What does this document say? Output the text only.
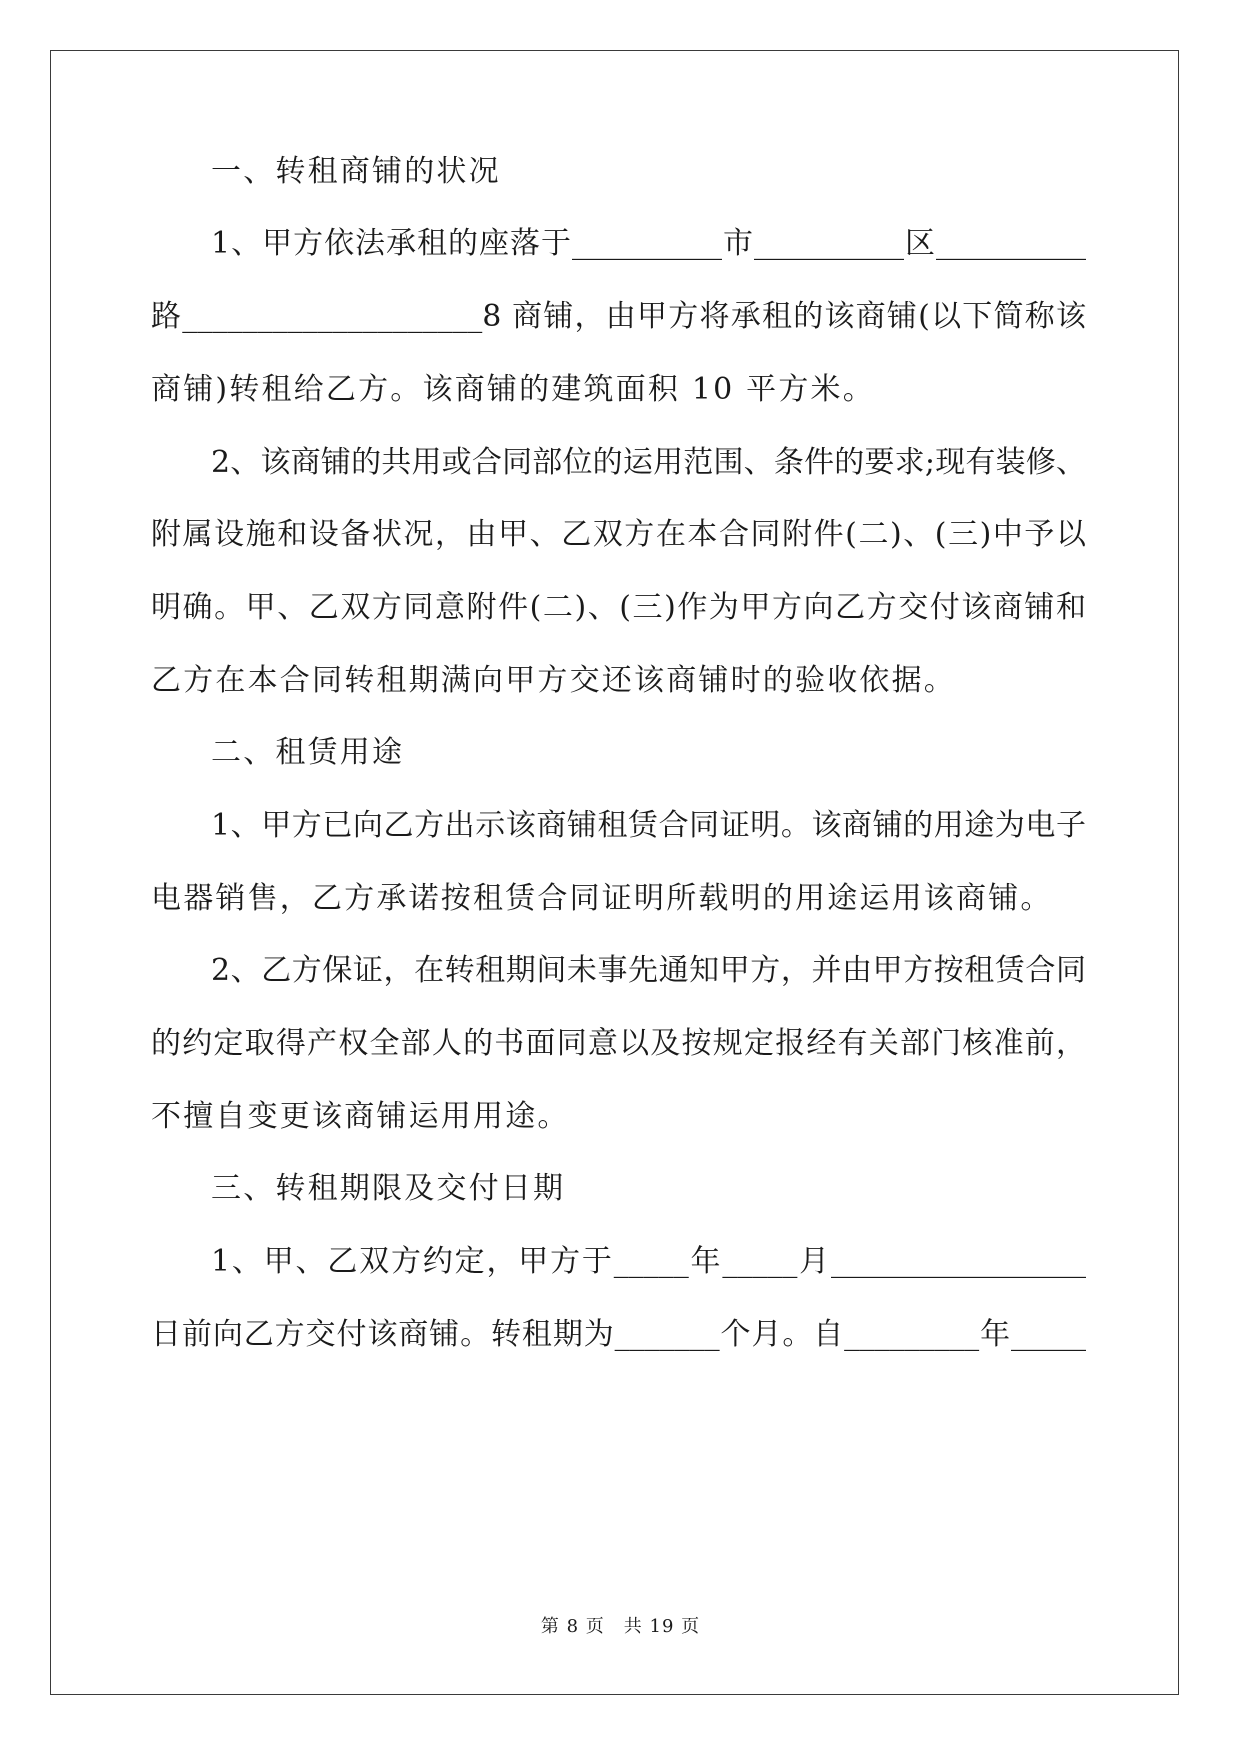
一、转租商铺的状况
1、甲方依法承租的座落于__________市__________区__________
路____________________8 商铺，由甲方将承租的该商铺(以下简称该
商铺)转租给乙方。该商铺的建筑面积 10 平方米。
2、该商铺的共用或合同部位的运用范围、条件的要求;现有装修、
附属设施和设备状况，由甲、乙双方在本合同附件(二)、(三)中予以
明确。甲、乙双方同意附件(二)、(三)作为甲方向乙方交付该商铺和
乙方在本合同转租期满向甲方交还该商铺时的验收依据。
二、租赁用途
1、甲方已向乙方出示该商铺租赁合同证明。该商铺的用途为电子
电器销售，乙方承诺按租赁合同证明所载明的用途运用该商铺。
2、乙方保证，在转租期间未事先通知甲方，并由甲方按租赁合同
的约定取得产权全部人的书面同意以及按规定报经有关部门核准前，
不擅自变更该商铺运用用途。
三、转租期限及交付日期
1、甲、乙双方约定，甲方于_____年_____月_________________
日前向乙方交付该商铺。转租期为_______个月。自_________年_____
第 8 页　共 19 页
